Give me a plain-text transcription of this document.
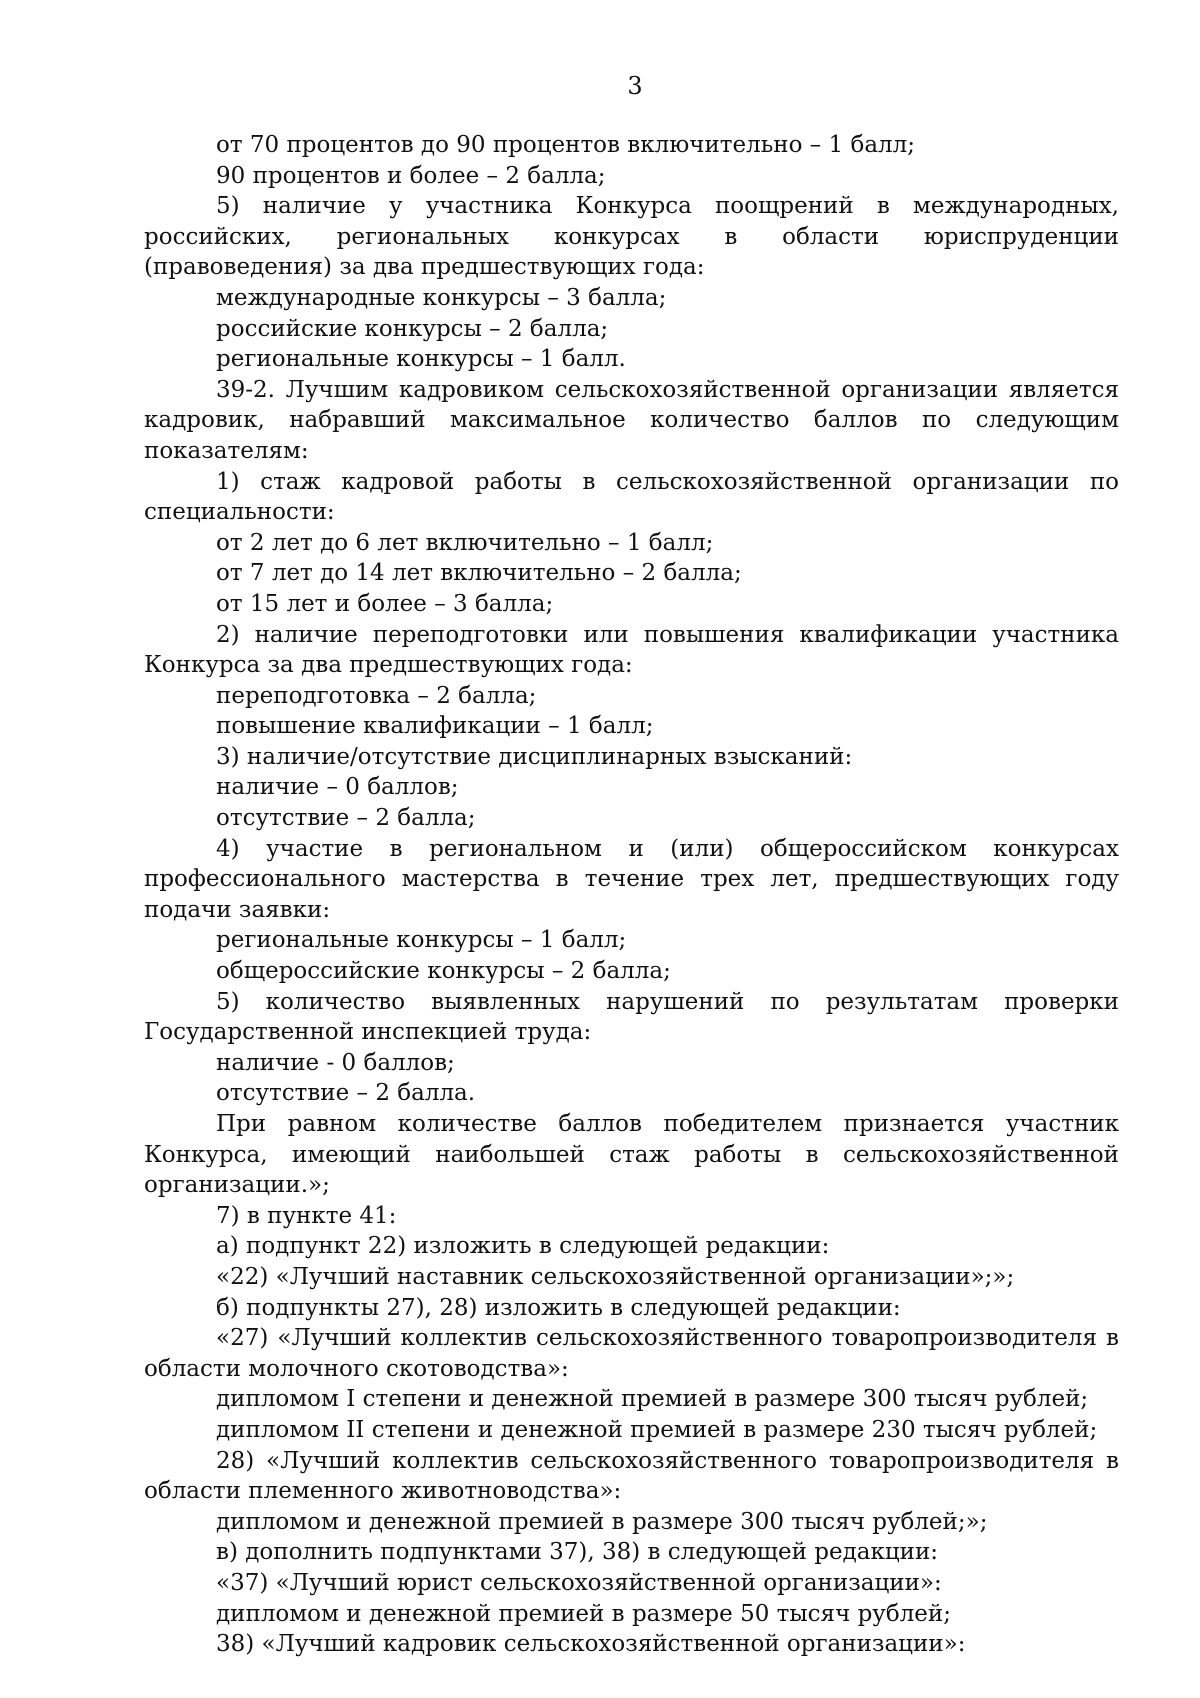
3

от 70 процентов до 90 процентов включительно – 1 балл;

90 процентов и более – 2 балла;

5) наличие у участника Конкурса поощрений в международных, российских, региональных конкурсах в области юриспруденции (правоведения) за два предшествующих года:

международные конкурсы – 3 балла;

российские конкурсы – 2 балла;

региональные конкурсы – 1 балл.

39-2. Лучшим кадровиком сельскохозяйственной организации является кадровик, набравший максимальное количество баллов по следующим показателям:

1) стаж кадровой работы в сельскохозяйственной организации по специальности:

от 2 лет до 6 лет включительно – 1 балл;

от 7 лет до 14 лет включительно – 2 балла;

от 15 лет и более – 3 балла;

2) наличие переподготовки или повышения квалификации участника Конкурса за два предшествующих года:

переподготовка – 2 балла;

повышение квалификации – 1 балл;

3) наличие/отсутствие дисциплинарных взысканий:

наличие – 0 баллов;

отсутствие – 2 балла;

4) участие в региональном и (или) общероссийском конкурсах профессионального мастерства в течение трех лет, предшествующих году подачи заявки:

региональные конкурсы – 1 балл;

общероссийские конкурсы – 2 балла;

5) количество выявленных нарушений по результатам проверки Государственной инспекцией труда:

наличие - 0 баллов;

отсутствие – 2 балла.

При равном количестве баллов победителем признается участник Конкурса, имеющий наибольшей стаж работы в сельскохозяйственной организации.»;

7) в пункте 41:

а) подпункт 22) изложить в следующей редакции:

«22) «Лучший наставник сельскохозяйственной организации»;»;

б) подпункты 27), 28) изложить в следующей редакции:

«27) «Лучший коллектив сельскохозяйственного товаропроизводителя в области молочного скотоводства»:

дипломом I степени и денежной премией в размере 300 тысяч рублей;

дипломом II степени и денежной премией в размере 230 тысяч рублей;

28) «Лучший коллектив сельскохозяйственного товаропроизводителя в области племенного животноводства»:

дипломом и денежной премией в размере 300 тысяч рублей;»;

в) дополнить подпунктами 37), 38) в следующей редакции:

«37) «Лучший юрист сельскохозяйственной организации»:

дипломом и денежной премией в размере 50 тысяч рублей;

38) «Лучший кадровик сельскохозяйственной организации»:
